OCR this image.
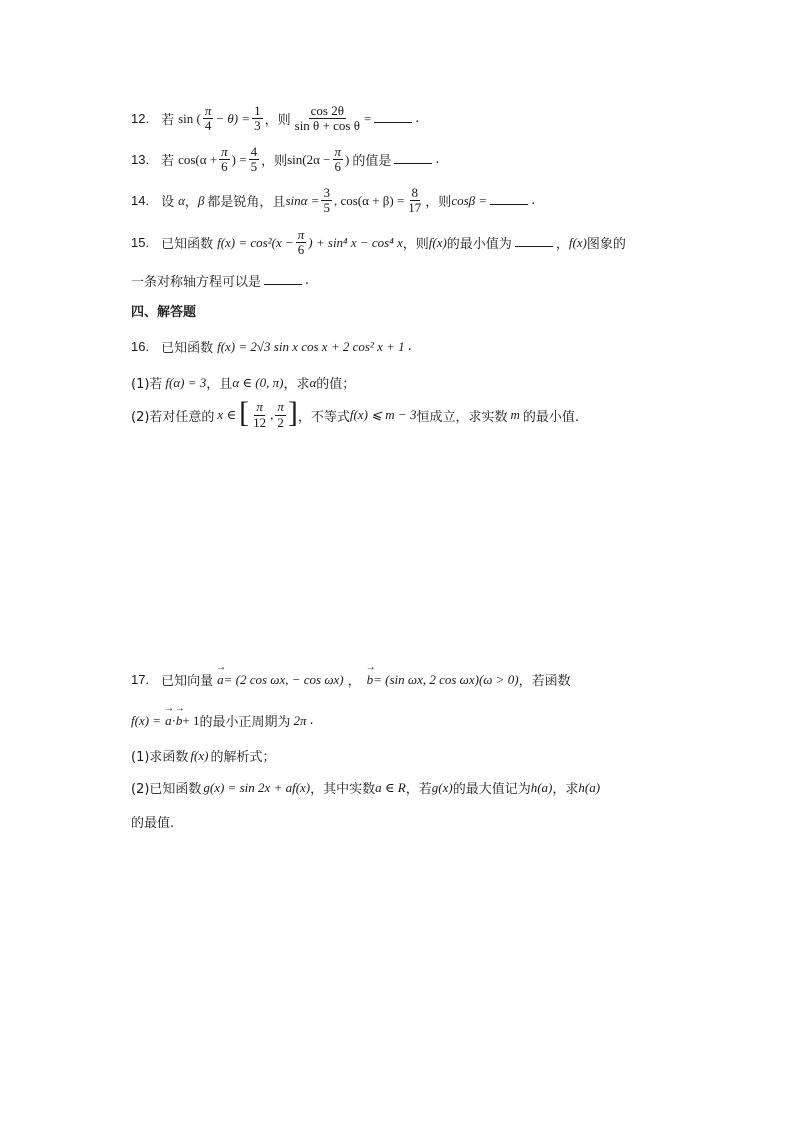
12. 若 sin ( $\frac{\pi}{4} - \theta) = \frac{1}{3}$ ，则 $\frac{\cos 2\theta}{\text{sin θ + cos θ}}$ =	.
13. 若 $\cos(\alpha + \frac{\pi}{6}$ ) = $\frac{4}{5}$ ，则 $\sin(2\alpha - \frac{\pi}{6}$ ) 的值是	.
14. 设 α ， β 都是锐角，且 $\sin\alpha = \frac{3}{5}$ , $\cos(\alpha + \beta) = \frac{8}{17}$ ，则 cosβ =	.
15. 已知函数 $f(x) = \cos^2(x - \frac{\pi}{6}$ ) + sin⁴ x − cos⁴ x ，则 f(x) 的最小值为	， f(x) 图象的
一条对称轴方程可以是	.
四、解答题
16. 已知函数 f(x) = 2√3 sin x cos x + 2 cos² x + 1 .
(1)若 f(α) = 3 ，且 α ∈ (0, π) ，求 α 的值；
(2)若对任意的 x ∈ [ $\frac{\pi}{12}$ , $\frac{\pi}{2}$ ] ，不等式 f(x) ⩽ m − 3 恒成立，求实数 m 的最小值.
17. 已知向量 a → = (2 cos ωx, − cos ωx) ， b → = (sin ωx, 2 cos ωx)(ω > 0) ，若函数
f(x) = a → · b → + 1 的最小正周期为 2π .
(1)求函数 f(x) 的解析式；
(2)已知函数 g(x) = sin 2x + af(x) ，其中实数 a ∈ R ，若 g(x) 的最大值记为 h(a) ，求 h(a)
的最值.
